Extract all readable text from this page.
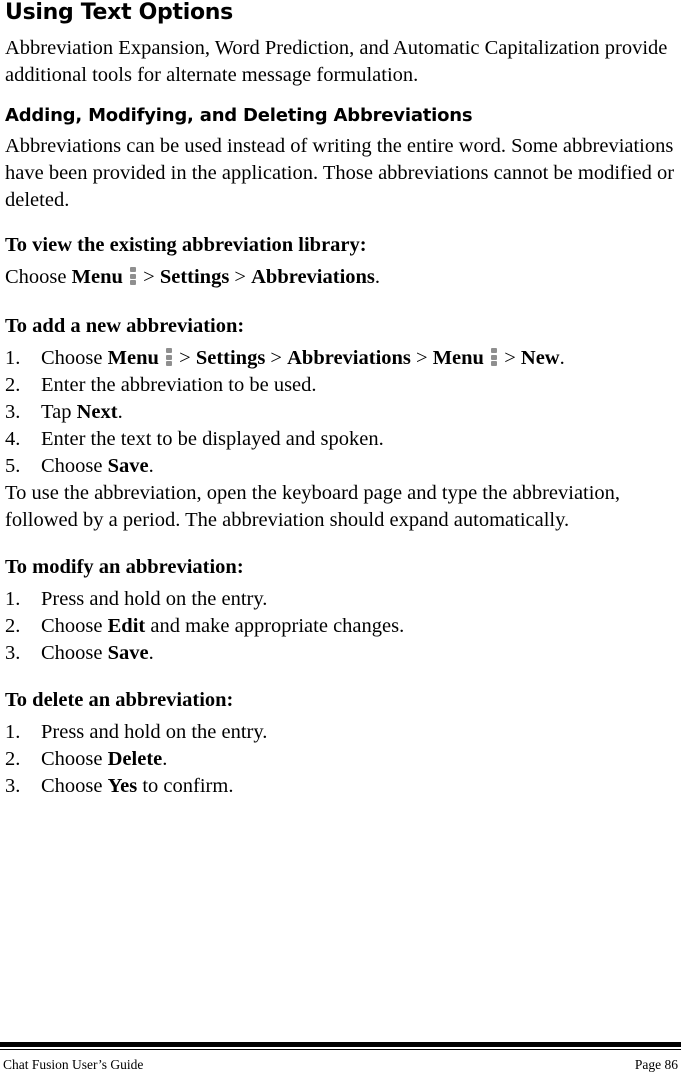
Using Text Options

Abbreviation Expansion, Word Prediction, and Automatic Capitalization provide additional tools for alternate message formulation.

Adding, Modifying, and Deleting Abbreviations

Abbreviations can be used instead of writing the entire word. Some abbreviations have been provided in the application. Those abbreviations cannot be modified or deleted.

To view the existing abbreviation library:

Choose Menu > Settings > Abbreviations.

To add a new abbreviation:
1.	Choose Menu > Settings > Abbreviations > Menu > New.
2.	Enter the abbreviation to be used.
3.	Tap Next.
4.	Enter the text to be displayed and spoken.
5.	Choose Save.

To use the abbreviation, open the keyboard page and type the abbreviation, followed by a period. The abbreviation should expand automatically.

To modify an abbreviation:
1.	Press and hold on the entry.
2.	Choose Edit and make appropriate changes.
3.	Choose Save.
To delete an abbreviation:
1.	Press and hold on the entry.
2.	Choose Delete.
3.	Choose Yes to confirm.
Chat Fusion User’s Guide	Page 86
